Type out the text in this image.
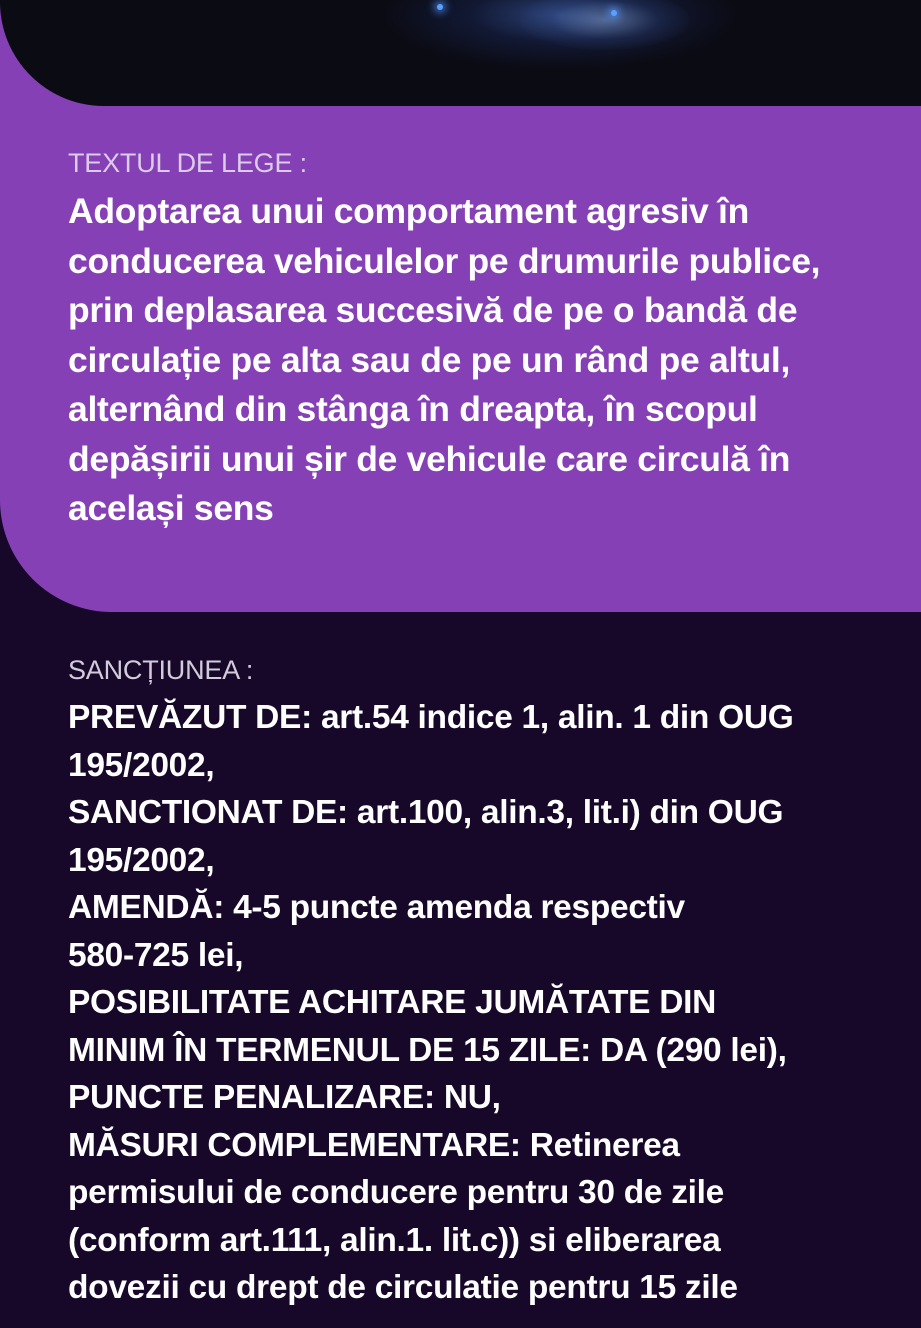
TEXTUL DE LEGE :

Adoptarea unui comportament agresiv în
conducerea vehiculelor pe drumurile publice,
prin deplasarea succesivă de pe o bandă de
circulație pe alta sau de pe un rând pe altul,
alternând din stânga în dreapta, în scopul
depășirii unui șir de vehicule care circulă în
același sens

SANCȚIUNEA :

PREVĂZUT DE: art.54 indice 1, alin. 1 din OUG
195/2002,
SANCTIONAT DE: art.100, alin.3, lit.i) din OUG
195/2002,
AMENDĂ: 4-5 puncte amenda respectiv
580-725 lei,
POSIBILITATE ACHITARE JUMĂTATE DIN
MINIM ÎN TERMENUL DE 15 ZILE: DA (290 lei),
PUNCTE PENALIZARE: NU,
MĂSURI COMPLEMENTARE: Retinerea
permisului de conducere pentru 30 de zile
(conform art.111, alin.1. lit.c)) si eliberarea
dovezii cu drept de circulatie pentru 15 zile
